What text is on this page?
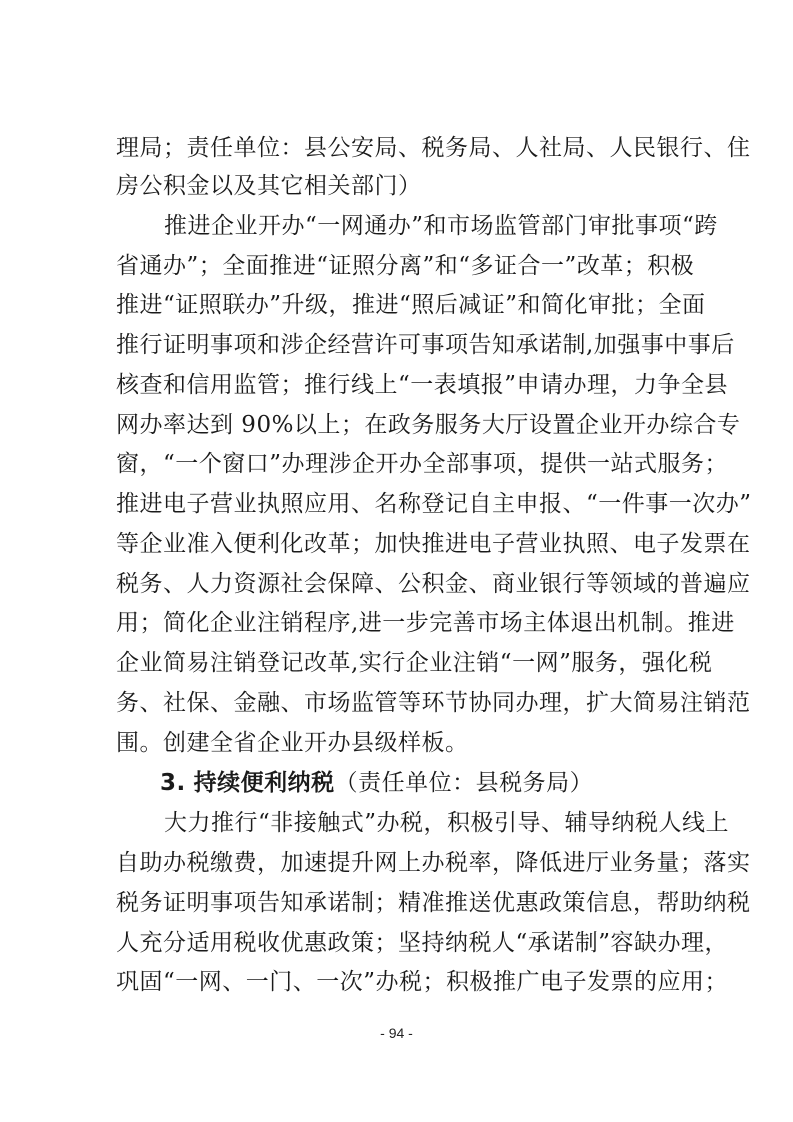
理局；责任单位：县公安局、税务局、人社局、人民银行、住
房公积金以及其它相关部门）
推进企业开办“一网通办”和市场监管部门审批事项“跨
省通办”；全面推进“证照分离”和“多证合一”改革；积极
推进“证照联办”升级，推进“照后减证”和简化审批；全面
推行证明事项和涉企经营许可事项告知承诺制,加强事中事后
核查和信用监管；推行线上“一表填报”申请办理，力争全县
网办率达到 90%以上；在政务服务大厅设置企业开办综合专
窗，“一个窗口”办理涉企开办全部事项，提供一站式服务；
推进电子营业执照应用、名称登记自主申报、“一件事一次办”
等企业准入便利化改革；加快推进电子营业执照、电子发票在
税务、人力资源社会保障、公积金、商业银行等领域的普遍应
用；简化企业注销程序,进一步完善市场主体退出机制。推进
企业简易注销登记改革,实行企业注销“一网”服务，强化税
务、社保、金融、市场监管等环节协同办理，扩大简易注销范
围。创建全省企业开办县级样板。
3. 持续便利纳税（责任单位：县税务局）
大力推行“非接触式”办税，积极引导、辅导纳税人线上
自助办税缴费，加速提升网上办税率，降低进厅业务量；落实
税务证明事项告知承诺制；精准推送优惠政策信息，帮助纳税
人充分适用税收优惠政策；坚持纳税人“承诺制”容缺办理，
巩固“一网、一门、一次”办税；积极推广电子发票的应用；
- 94 -
